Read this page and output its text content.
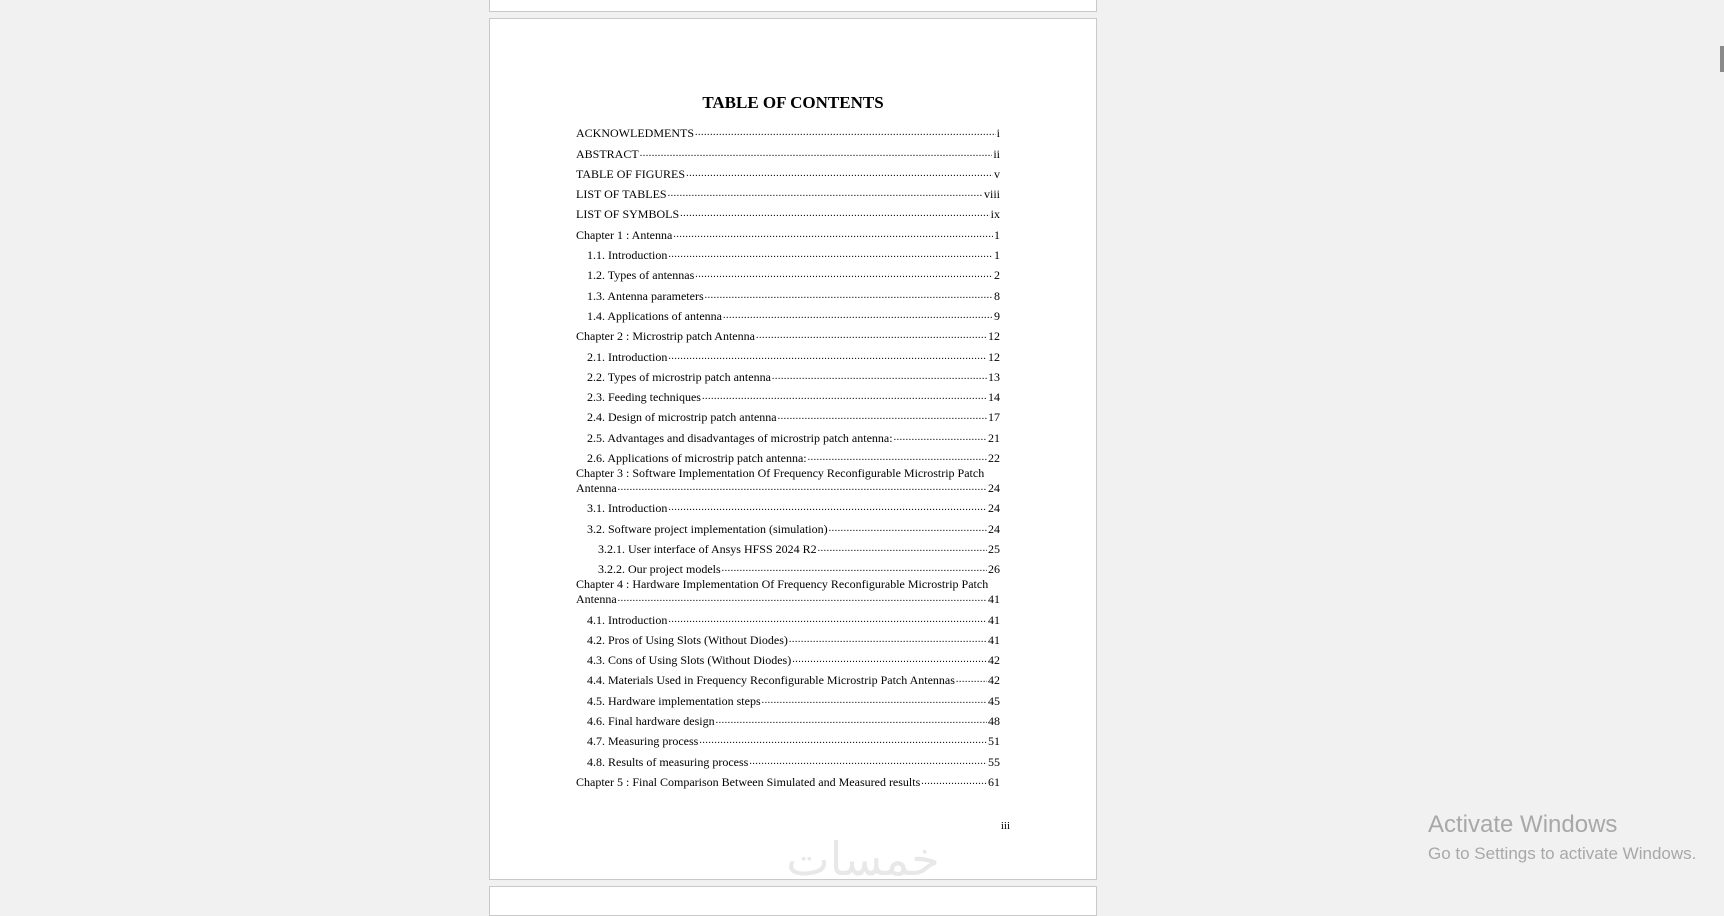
TABLE OF CONTENTS
ACKNOWLEDMENTS .....	i
ABSTRACT .....	ii
TABLE OF FIGURES .....	v
LIST OF TABLES .....	viii
LIST OF SYMBOLS .....	ix
Chapter 1 : Antenna .....	1
1.1. Introduction .....	1
1.2. Types of antennas .....	2
1.3. Antenna parameters .....	8
1.4. Applications of antenna .....	9
Chapter 2 : Microstrip patch Antenna .....	12
2.1. Introduction .....	12
2.2. Types of microstrip patch antenna .....	13
2.3. Feeding techniques .....	14
2.4. Design of microstrip patch antenna .....	17
2.5. Advantages and disadvantages of microstrip patch antenna: .....	21
2.6. Applications of microstrip patch antenna: .....	22
Chapter 3 : Software Implementation Of Frequency Reconfigurable Microstrip Patch
Antenna .....	24
3.1. Introduction .....	24
3.2. Software project implementation (simulation) .....	24
3.2.1. User interface of Ansys HFSS 2024 R2 .....	25
3.2.2. Our project models .....	26
Chapter 4 : Hardware Implementation Of Frequency Reconfigurable Microstrip Patch
Antenna .....	41
4.1. Introduction .....	41
4.2. Pros of Using Slots (Without Diodes) .....	41
4.3. Cons of Using Slots (Without Diodes) .....	42
4.4. Materials Used in Frequency Reconfigurable Microstrip Patch Antennas .....	42
4.5. Hardware implementation steps .....	45
4.6. Final hardware design .....	48
4.7. Measuring process .....	51
4.8. Results of measuring process .....	55
Chapter 5 : Final Comparison Between Simulated and Measured results .....	61
iii
خمسات
Activate Windows
Go to Settings to activate Windows.
